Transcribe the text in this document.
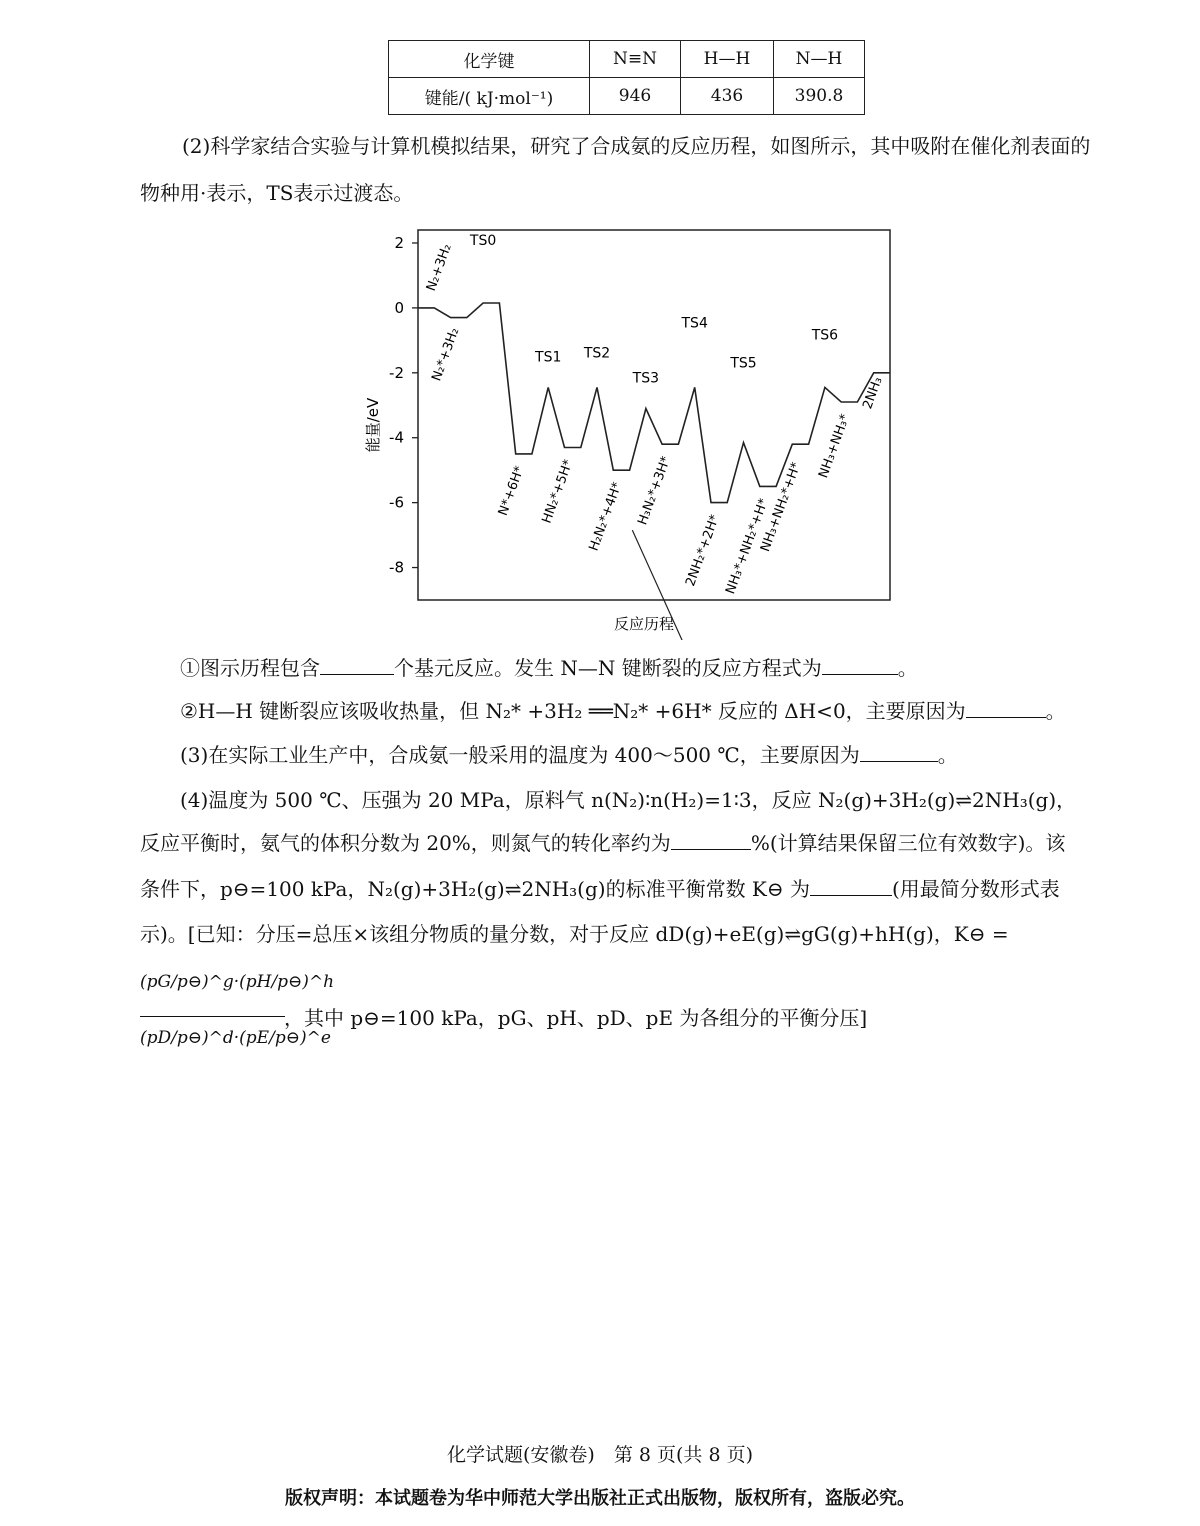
化学键	N≡N	H—H	N—H
键能/( kJ·mol⁻¹)	946	436	390.8
(2)科学家结合实验与计算机模拟结果，研究了合成氨的反应历程，如图所示，其中吸附在催化剂表面的
物种用·表示，TS表示过渡态。
2
0
-2
-4
-6
-8
能量/eV
反应历程
TS0
TS1 TS2
TS3
TS4
TS5
TS6
N₂+3H₂
N₂*+3H₂
N*+6H* HN₂*+5H* H₂N₂*+4H* H₃N₂*+3H*
2NH₂*+2H* NH₃*+NH₂*+H*
NH₃+NH₂*+H*
NH₃+NH₃*
2NH₃
①图示历程包含	个基元反应。发生 N—N 键断裂的反应方程式为	。
②H—H 键断裂应该吸收热量，但 N₂* +3H₂ ══N₂* +6H* 反应的 ΔH<0，主要原因为	。
(3)在实际工业生产中，合成氨一般采用的温度为 400～500 ℃，主要原因为	。
(4)温度为 500 ℃、压强为 20 MPa，原料气 n(N₂)∶n(H₂)=1∶3，反应 N₂(g)+3H₂(g)⇌2NH₃(g)，
反应平衡时，氨气的体积分数为 20%，则氮气的转化率约为	%(计算结果保留三位有效数字)。该
条件下，p⊖=100 kPa，N₂(g)+3H₂(g)⇌2NH₃(g)的标准平衡常数 K⊖ 为	(用最简分数形式表
示)。[已知：分压=总压×该组分物质的量分数，对于反应 dD(g)+eE(g)⇌gG(g)+hH(g)，K⊖ =
(pG/p⊖)^g·(pH/p⊖)^h
(pD/p⊖)^d·(pE/p⊖)^e
，其中 p⊖=100 kPa，pG、pH、pD、pE 为各组分的平衡分压]
化学试题(安徽卷)　第 8 页(共 8 页)
版权声明：本试题卷为华中师范大学出版社正式出版物，版权所有，盗版必究。
